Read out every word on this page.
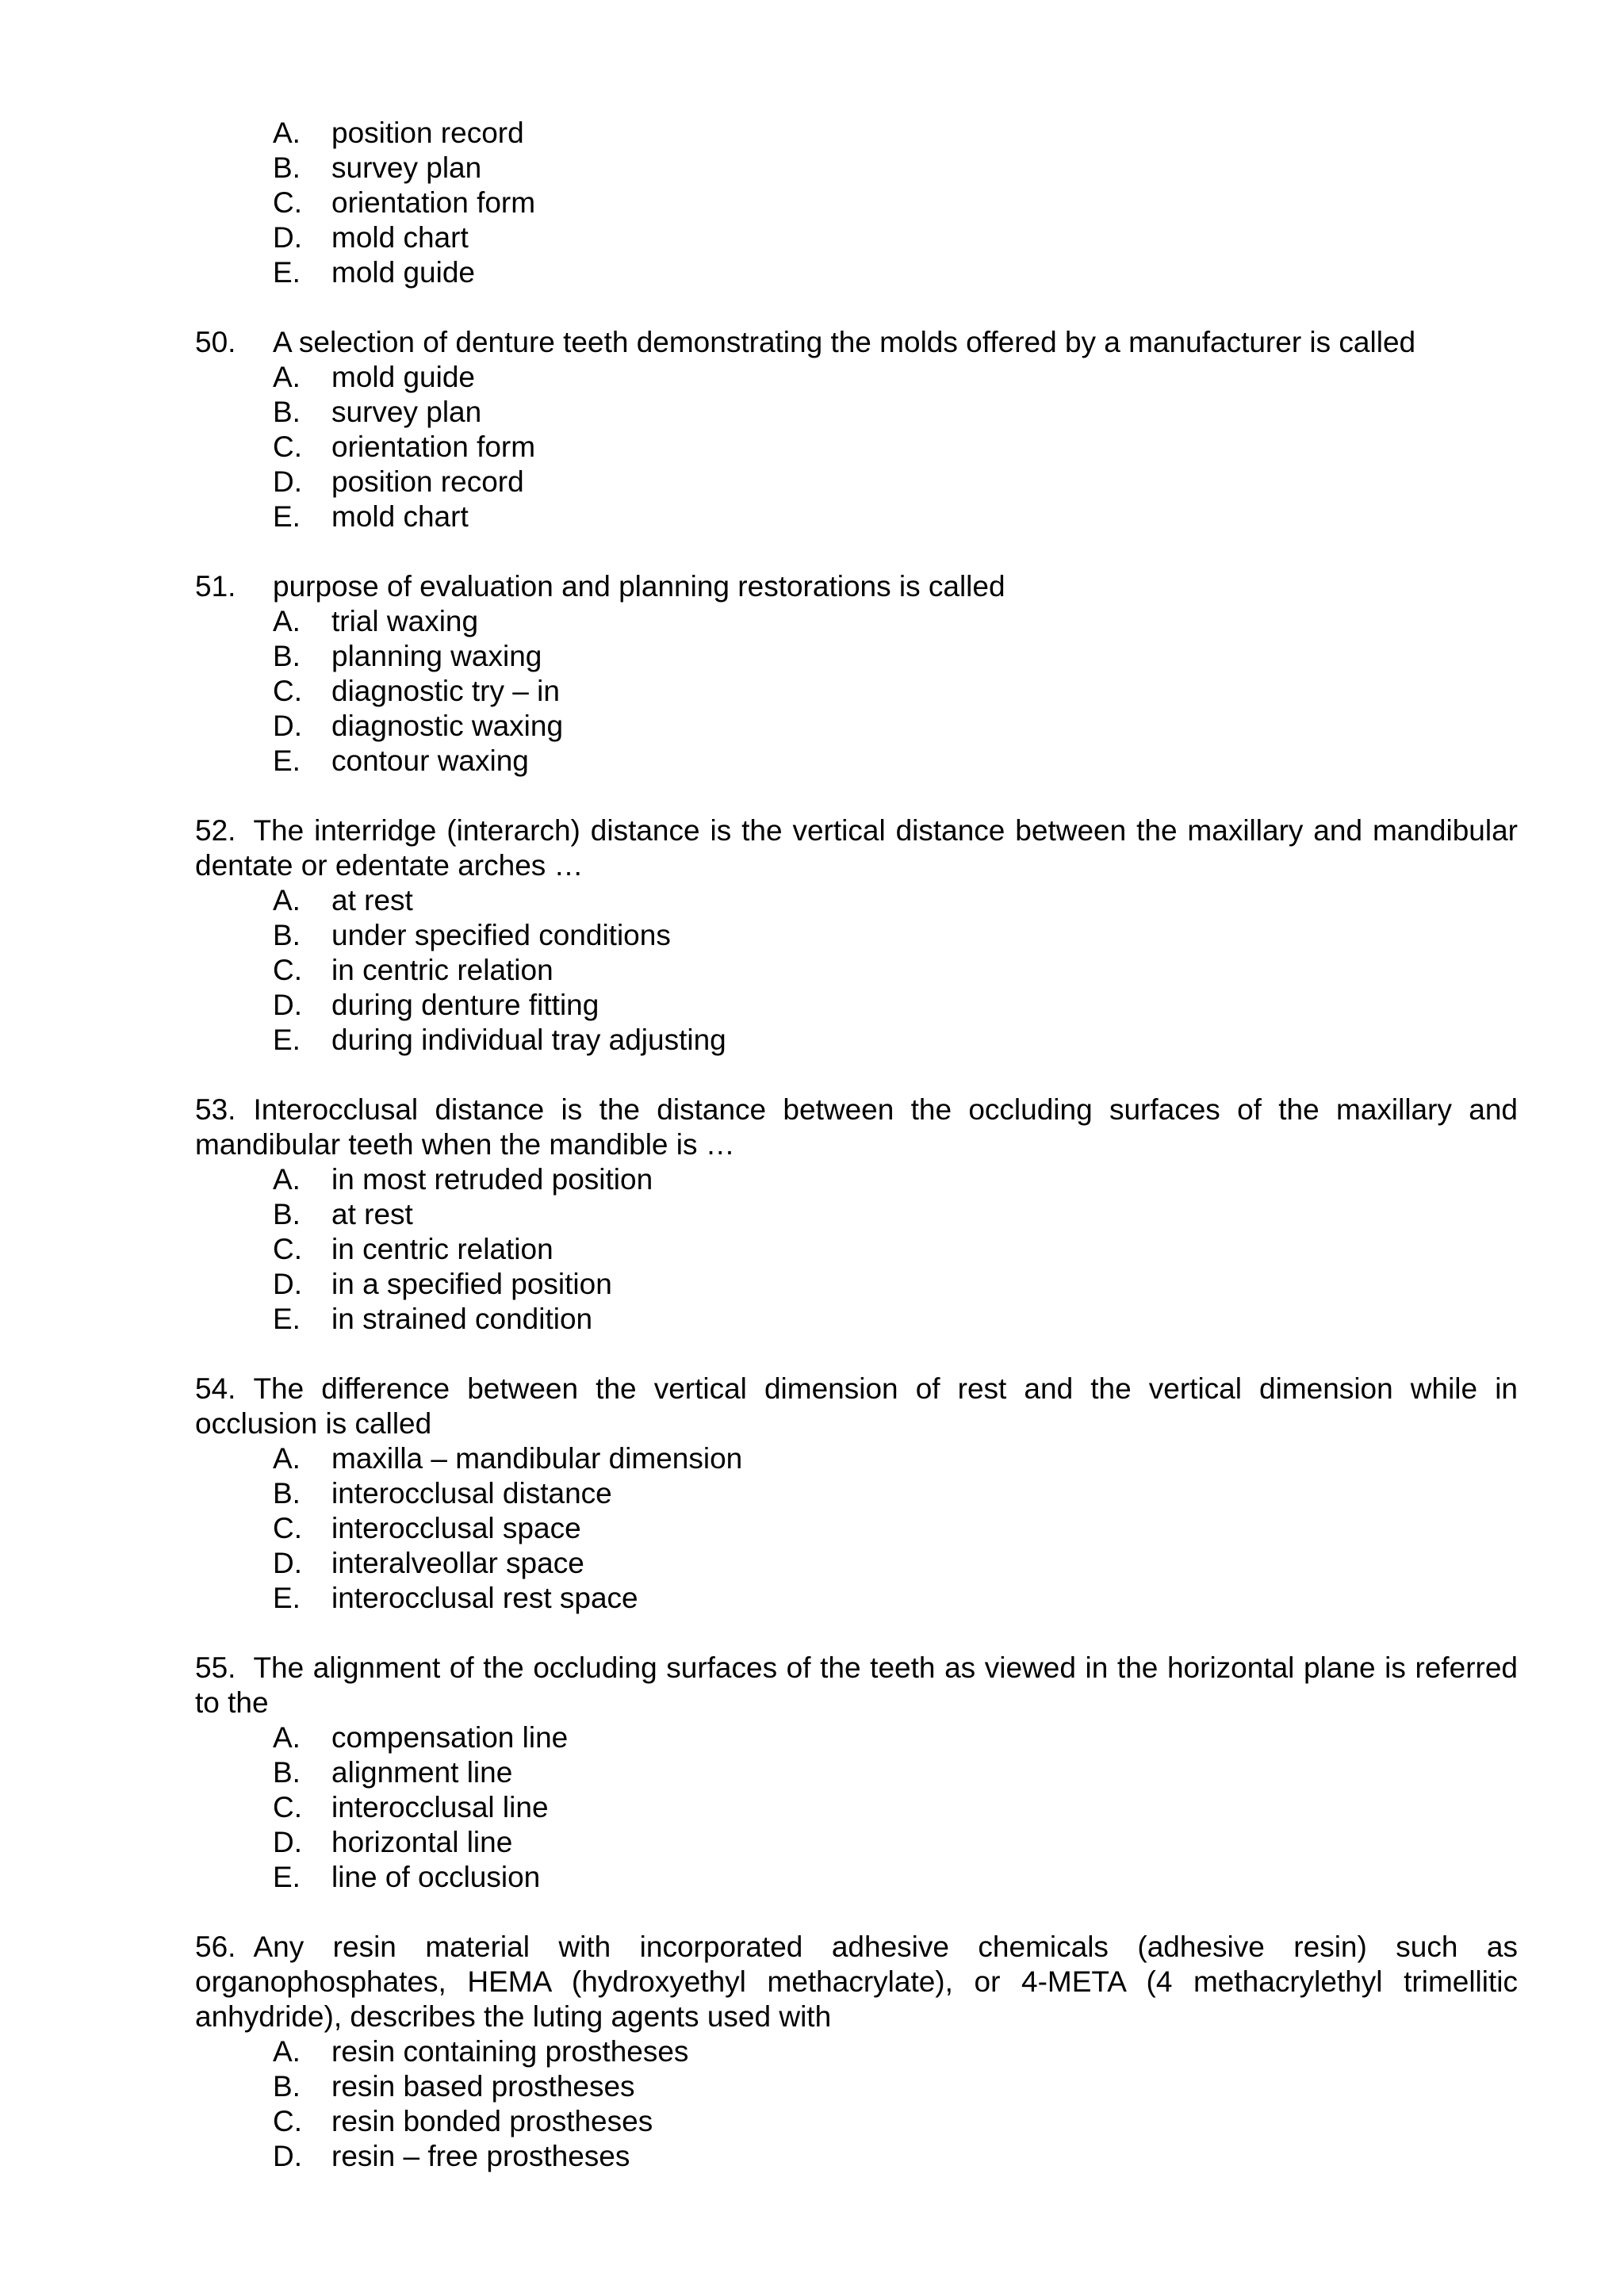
A.	position record
B.	survey plan
C.	orientation form
D.	mold chart
E.	mold guide
50. A selection of denture teeth demonstrating the molds offered by a manufacturer is called
A.	mold guide
B.	survey plan
C.	orientation form
D.	position record
E.	mold chart
51. purpose of evaluation and planning restorations is called
A.	trial waxing
B.	planning waxing
C.	diagnostic try – in
D.	diagnostic waxing
E.	contour waxing
52. The interridge (interarch) distance is the vertical distance between the maxillary and mandibular dentate or edentate arches …
A.	at rest
B.	under specified conditions
C.	in centric relation
D.	during denture fitting
E.	during individual tray adjusting
53. Interocclusal distance is the distance between the occluding surfaces of the maxillary and mandibular teeth when the mandible is …
A.	in most retruded position
B.	at rest
C.	in centric relation
D.	in a specified position
E.	in strained condition
54. The difference between the vertical dimension of rest and the vertical dimension while in occlusion is called
A.	maxilla – mandibular dimension
B.	interocclusal distance
C.	interocclusal space
D.	interalveollar space
E.	interocclusal rest space
55. The alignment of the occluding surfaces of the teeth as viewed in the horizontal plane is referred to the
A.	compensation line
B.	alignment line
C.	interocclusal line
D.	horizontal line
E.	line of occlusion
56. Any resin material with incorporated adhesive chemicals (adhesive resin) such as organophosphates, HEMA (hydroxyethyl methacrylate), or 4-META (4 methacrylethyl trimellitic anhydride), describes the luting agents used with
A.	resin containing prostheses
B.	resin based prostheses
C.	resin bonded prostheses
D.	resin – free prostheses
